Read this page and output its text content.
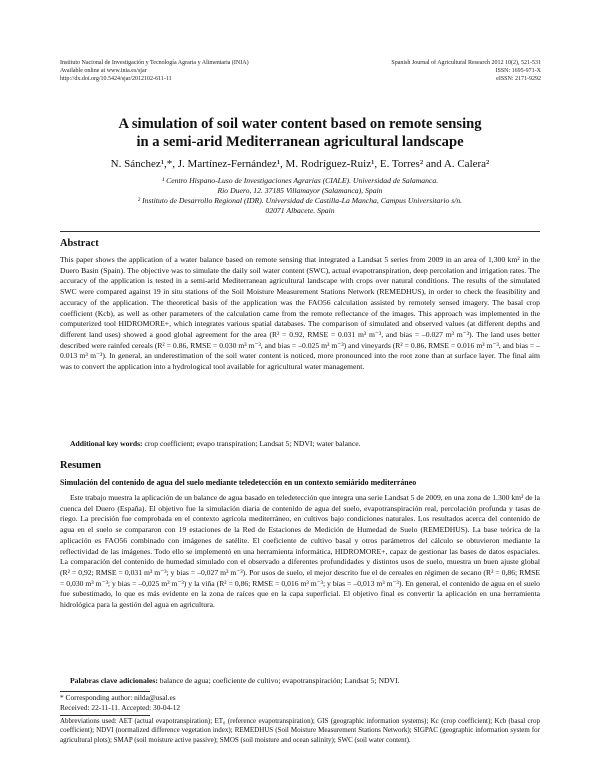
Instituto Nacional de Investigación y Tecnología Agraria y Alimentaria (INIA)
Available online at www.inia.es/sjar
http://dx.doi.org/10.5424/sjar/2012102-611-11
Spanish Journal of Agricultural Research 2012 10(2), 521-531
ISSN: 1695-971-X
eISSN: 2171-9292
A simulation of soil water content based on remote sensing
in a semi-arid Mediterranean agricultural landscape
N. Sánchez¹,*, J. Martínez-Fernández¹, M. Rodríguez-Ruiz¹, E. Torres² and A. Calera²
¹ Centro Hispano-Luso de Investigaciones Agrarias (CIALE). Universidad de Salamanca.
Rio Duero, 12. 37185 Villamayor (Salamanca), Spain
² Instituto de Desarrollo Regional (IDR). Universidad de Castilla-La Mancha, Campus Universitario s/n.
02071 Albacete. Spain
Abstract
This paper shows the application of a water balance based on remote sensing that integrated a Landsat 5 series from 2009 in an area of 1,300 km² in the Duero Basin (Spain). The objective was to simulate the daily soil water content (SWC), actual evapotranspiration, deep percolation and irrigation rates. The accuracy of the application is tested in a semi-arid Mediterranean agricultural landscape with crops over natural conditions. The results of the simulated SWC were compared against 19 in situ stations of the Soil Moisture Measurement Stations Network (REMEDHUS), in order to check the feasibility and accuracy of the application. The theoretical basis of the application was the FAO56 calculation assisted by remotely sensed imagery. The basal crop coefficient (Kcb), as well as other parameters of the calculation came from the remote reflectance of the images. This approach was implemented in the computerized tool HIDROMORE+, which integrates various spatial databases. The comparison of simulated and observed values (at different depths and different land uses) showed a good global agreement for the area (R² = 0.92, RMSE = 0.031 m³ m⁻³, and bias = –0.027 m³ m⁻³). The land uses better described were rainfed cereals (R² = 0.86, RMSE = 0.030 m³ m⁻³, and bias = –0.025 m³ m⁻³) and vineyards (R² = 0.86, RMSE = 0.016 m³ m⁻³, and bias = –0.013 m³ m⁻³). In general, an underestimation of the soil water content is noticed, more pronounced into the root zone than at surface layer. The final aim was to convert the application into a hydrological tool available for agricultural water management.
Additional key words: crop coefficient; evapo transpiration; Landsat 5; NDVI; water balance.
Resumen
Simulación del contenido de agua del suelo mediante teledetección en un contexto semiárido mediterráneo
Este trabajo muestra la aplicación de un balance de agua basado en teledetección que integra una serie Landsat 5 de 2009, en una zona de 1.300 km² de la cuenca del Duero (España). El objetivo fue la simulación diaria de contenido de agua del suelo, evapotranspiración real, percolación profunda y tasas de riego. La precisión fue comprobada en el contexto agrícola mediterráneo, en cultivos bajo condiciones naturales. Los resultados acerca del contenido de agua en el suelo se compararon con 19 estaciones de la Red de Estaciones de Medición de Humedad de Suelo (REMEDHUS). La base teórica de la aplicación es FAO56 combinado con imágenes de satélite. El coeficiente de cultivo basal y otros parámetros del cálculo se obtuvieron mediante la reflectividad de las imágenes. Todo ello se implementó en una herramienta informática, HIDROMORE+, capaz de gestionar las bases de datos espaciales. La comparación del contenido de humedad simulado con el observado a diferentes profundidades y distintos usos de suelo, muestra un buen ajuste global (R² = 0,92; RMSE = 0,031 m³ m⁻³; y bias = –0,027 m³ m⁻³). Por usos de suelo, el mejor descrito fue el de cereales en régimen de secano (R² = 0,86; RMSE = 0,030 m³ m⁻³; y bias = –0,025 m³ m⁻³) y la viña (R² = 0,86; RMSE = 0,016 m³ m⁻³; y bias = –0,013 m³ m⁻³). En general, el contenido de agua en el suelo fue subestimado, lo que es más evidente en la zona de raíces que en la capa superficial. El objetivo final es convertir la aplicación en una herramienta hidrológica para la gestión del agua en agricultura.
Palabras clave adicionales: balance de agua; coeficiente de cultivo; evapotranspiración; Landsat 5; NDVI.
* Corresponding author: nilda@usal.es
Received: 22-11-11. Accepted: 30-04-12
Abbreviations used: AET (actual evapotranspiration); ET₀ (reference evapotranspiration); GIS (geographic information systems); Kc (crop coefficient); Kcb (basal crop coefficient); NDVI (normalized difference vegetation index); REMEDHUS (Soil Moisture Measurement Stations Network); SIGPAC (geographic information system for agricultural plots); SMAP (soil moisture active passive); SMOS (soil moisture and ocean salinity); SWC (soil water content).
